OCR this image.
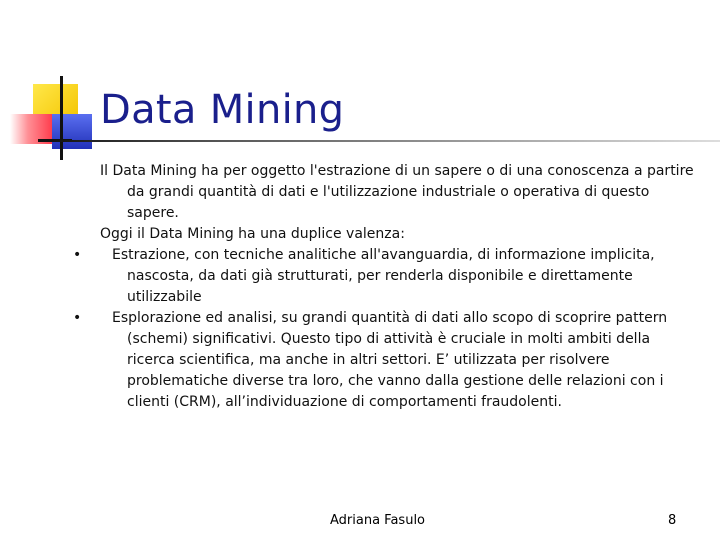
Data Mining

Il Data Mining ha per oggetto l'estrazione di un sapere o di una conoscenza a partire da grandi quantità di dati e l'utilizzazione industriale o operativa di questo sapere.

Oggi il Data Mining ha una duplice valenza:

• Estrazione, con tecniche analitiche all'avanguardia, di informazione implicita, nascosta, da dati già strutturati, per renderla disponibile e direttamente utilizzabile

• Esplorazione ed analisi, su grandi quantità di dati allo scopo di scoprire pattern (schemi) significativi. Questo tipo di attività è cruciale in molti ambiti della ricerca scientifica, ma anche in altri settori. E’ utilizzata per risolvere problematiche diverse tra loro, che vanno dalla gestione delle relazioni con i clienti (CRM), all’individuazione di comportamenti fraudolenti.

Adriana Fasulo	8
